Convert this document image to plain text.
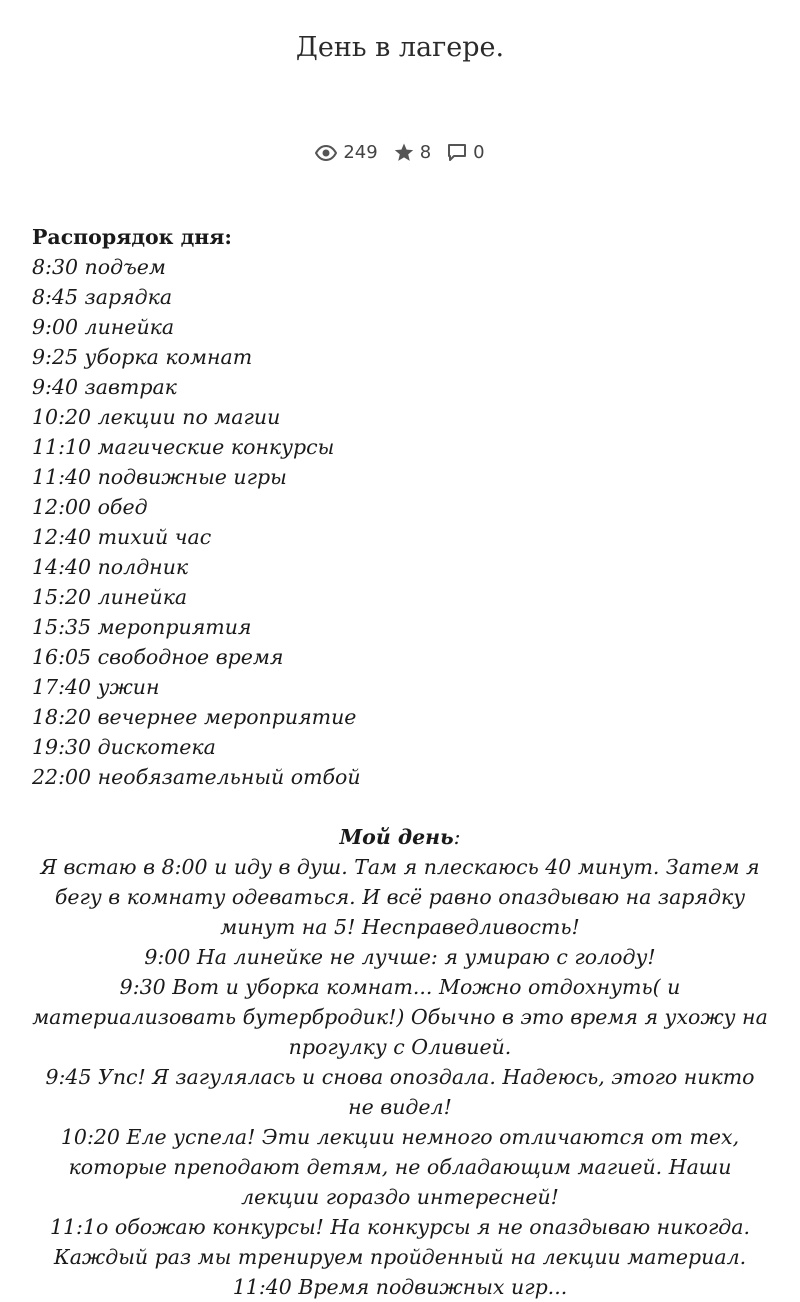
День в лагере.
249 8 0
Распорядок дня:
8:30 подъем
8:45 зарядка
9:00 линейка
9:25 уборка комнат
9:40 завтрак
10:20 лекции по магии
11:10 магические конкурсы
11:40 подвижные игры
12:00 обед
12:40 тихий час
14:40 полдник
15:20 линейка
15:35 мероприятия
16:05 свободное время
17:40 ужин
18:20 вечернее мероприятие
19:30 дискотека
22:00 необязательный отбой
Мой день:
Я встаю в 8:00 и иду в душ. Там я плескаюсь 40 минут. Затем я бегу в комнату одеваться. И всё равно опаздываю на зарядку минут на 5! Несправедливость!
9:00 На линейке не лучше: я умираю с голоду!
9:30 Вот и уборка комнат... Можно отдохнуть( и материализовать бутербродик!) Обычно в это время я ухожу на прогулку с Оливией.
9:45 Упс! Я загулялась и снова опоздала. Надеюсь, этого никто не видел!
10:20 Еле успела! Эти лекции немного отличаются от тех, которые преподают детям, не обладающим магией. Наши лекции гораздо интересней!
11:1о обожаю конкурсы! На конкурсы я не опаздываю никогда. Каждый раз мы тренируем пройденный на лекции материал.
11:40 Время подвижных игр...
